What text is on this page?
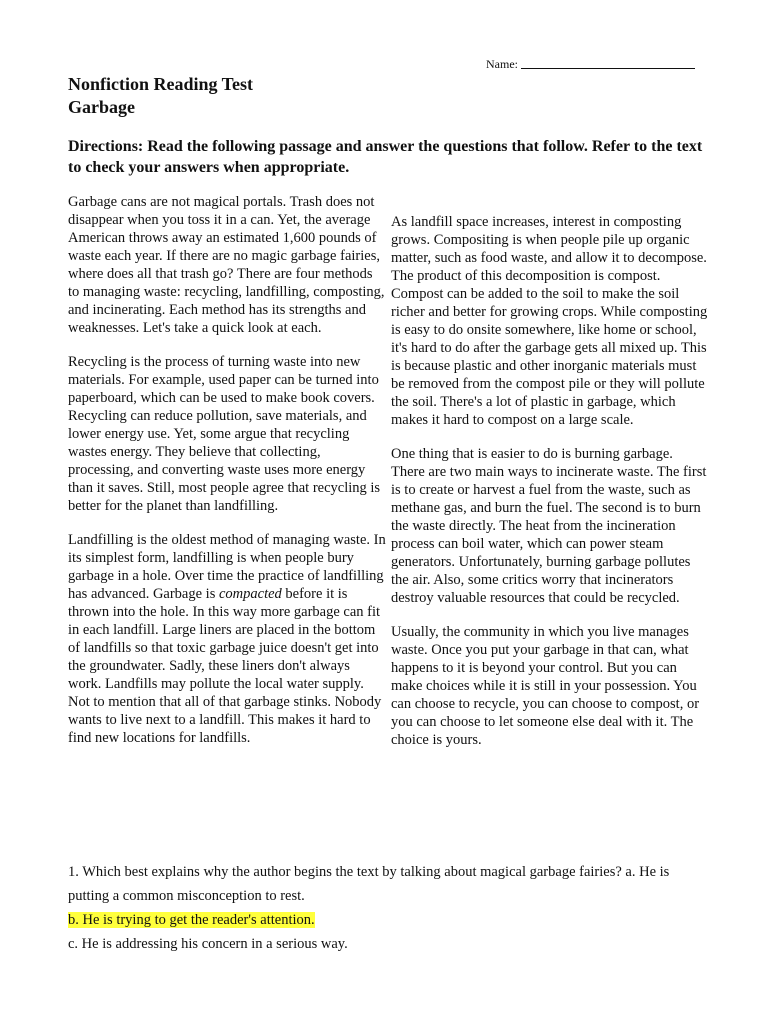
Name:
Nonfiction Reading Test
Garbage
Directions: Read the following passage and answer the questions that follow. Refer to the text to check your answers when appropriate.

Garbage cans are not magical portals. Trash does not disappear when you toss it in a can. Yet, the average American throws away an estimated 1,600 pounds of waste each year. If there are no magic garbage fairies, where does all that trash go? There are four methods to managing waste: recycling, landfilling, composting, and incinerating. Each method has its strengths and weaknesses. Let's take a quick look at each.

Recycling is the process of turning waste into new materials. For example, used paper can be turned into paperboard, which can be used to make book covers. Recycling can reduce pollution, save materials, and lower energy use. Yet, some argue that recycling wastes energy. They believe that collecting, processing, and converting waste uses more energy than it saves. Still, most people agree that recycling is better for the planet than landfilling.

Landfilling is the oldest method of managing waste. In its simplest form, landfilling is when people bury garbage in a hole. Over time the practice of landfilling has advanced. Garbage is compacted before it is thrown into the hole. In this way more garbage can fit in each landfill. Large liners are placed in the bottom of landfills so that toxic garbage juice doesn't get into the groundwater. Sadly, these liners don't always work. Landfills may pollute the local water supply. Not to mention that all of that garbage stinks. Nobody wants to live next to a landfill. This makes it hard to find new locations for landfills.

As landfill space increases, interest in composting grows. Compositing is when people pile up organic matter, such as food waste, and allow it to decompose. The product of this decomposition is compost. Compost can be added to the soil to make the soil richer and better for growing crops. While composting is easy to do onsite somewhere, like home or school, it's hard to do after the garbage gets all mixed up. This is because plastic and other inorganic materials must be removed from the compost pile or they will pollute the soil. There's a lot of plastic in garbage, which makes it hard to compost on a large scale.

One thing that is easier to do is burning garbage. There are two main ways to incinerate waste. The first is to create or harvest a fuel from the waste, such as methane gas, and burn the fuel. The second is to burn the waste directly. The heat from the incineration process can boil water, which can power steam generators. Unfortunately, burning garbage pollutes the air. Also, some critics worry that incinerators destroy valuable resources that could be recycled.

Usually, the community in which you live manages waste. Once you put your garbage in that can, what happens to it is beyond your control. But you can make choices while it is still in your possession. You can choose to recycle, you can choose to compost, or you can choose to let someone else deal with it. The choice is yours.

1. Which best explains why the author begins the text by talking about magical garbage fairies? a. He is putting a common misconception to rest.
b. He is trying to get the reader's attention.
c. He is addressing his concern in a serious way.
